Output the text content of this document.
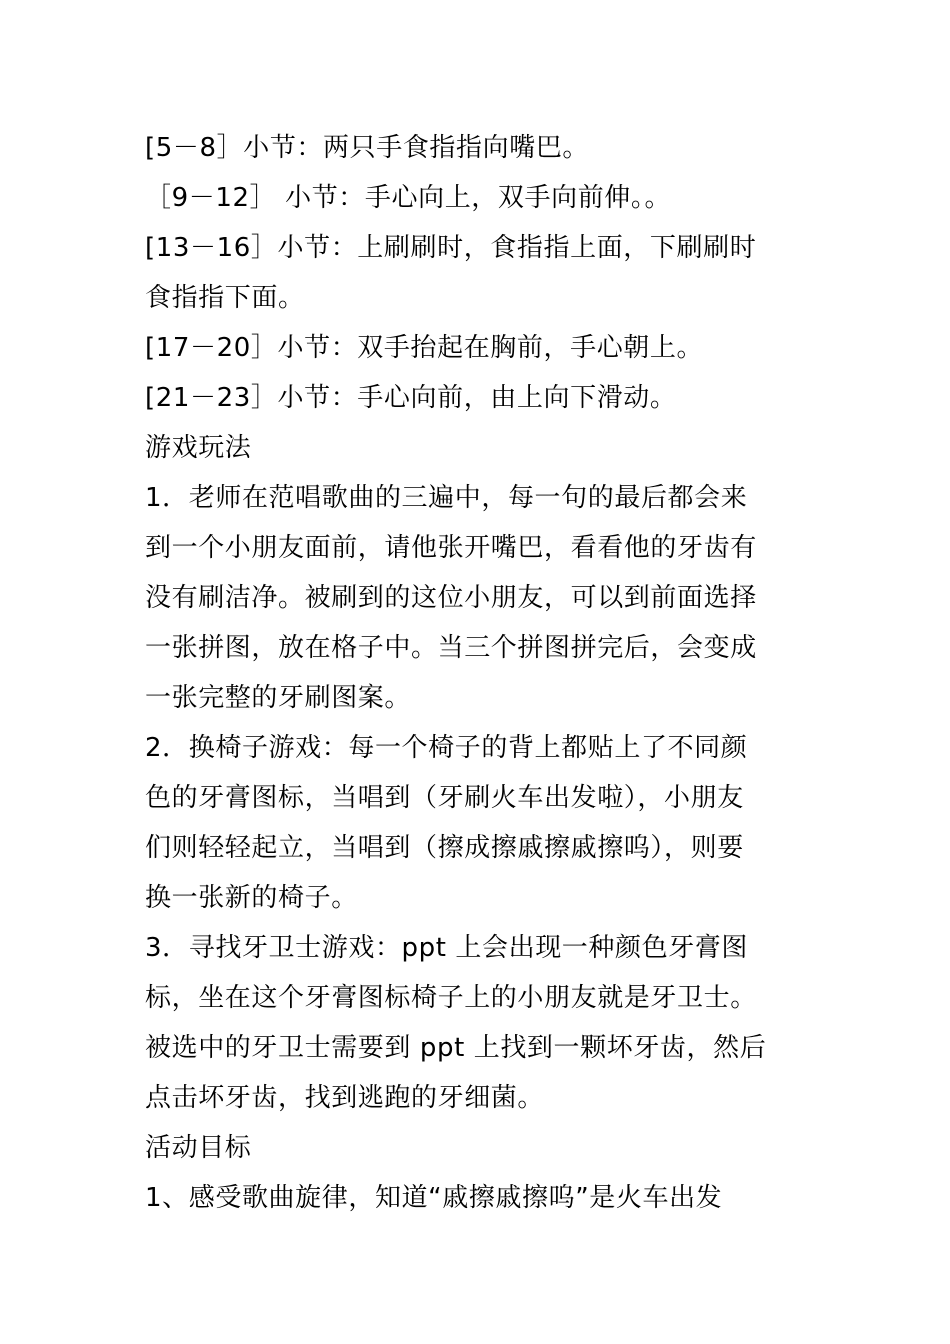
[5－8］小节：两只手食指指向嘴巴。
［9－12］ 小节：手心向上，双手向前伸。。
[13－16］小节：上刷刷时，食指指上面，下刷刷时
食指指下面。
[17－20］小节：双手抬起在胸前，手心朝上。
[21－23］小节：手心向前，由上向下滑动。
游戏玩法
1．老师在范唱歌曲的三遍中，每一句的最后都会来
到一个小朋友面前，请他张开嘴巴，看看他的牙齿有
没有刷洁净。被刷到的这位小朋友，可以到前面选择
一张拼图，放在格子中。当三个拼图拼完后，会变成
一张完整的牙刷图案。
2．换椅子游戏：每一个椅子的背上都贴上了不同颜
色的牙膏图标，当唱到（牙刷火车出发啦），小朋友
们则轻轻起立，当唱到（擦成擦戚擦戚擦呜），则要
换一张新的椅子。
3．寻找牙卫士游戏：ppt 上会出现一种颜色牙膏图
标，坐在这个牙膏图标椅子上的小朋友就是牙卫士。
被选中的牙卫士需要到 ppt 上找到一颗坏牙齿，然后
点击坏牙齿，找到逃跑的牙细菌。
活动目标
1、感受歌曲旋律，知道“戚擦戚擦呜”是火车出发
